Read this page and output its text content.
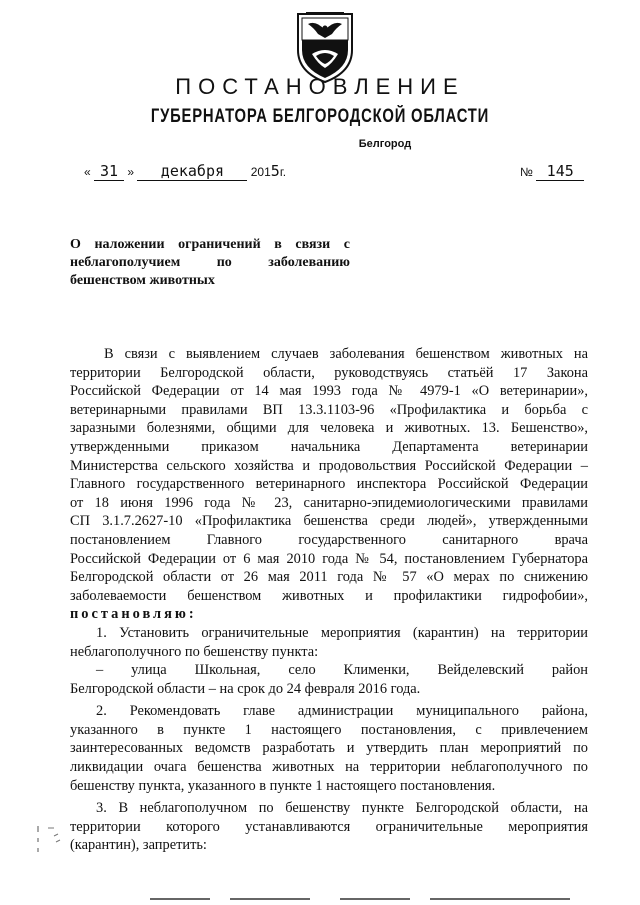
ПОСТАНОВЛЕНИЕ
ГУБЕРНАТОРА БЕЛГОРОДСКОЙ ОБЛАСТИ
Белгород
« 31 » декабря 2015г.	№ 145
О наложении ограничений в связи с
неблагополучием по заболеванию
бешенством животных
В связи с выявлением случаев заболевания бешенством животных на
территории Белгородской области, руководствуясь статьёй 17 Закона
Российской Федерации от 14 мая 1993 года № 4979-1 «О ветеринарии»,
ветеринарными правилами ВП 13.3.1103-96 «Профилактика и борьба с
заразными болезнями, общими для человека и животных. 13. Бешенство»,
утвержденными приказом начальника Департамента ветеринарии
Министерства сельского хозяйства и продовольствия Российской Федерации –
Главного государственного ветеринарного инспектора Российской Федерации
от 18 июня 1996 года № 23, санитарно-эпидемиологическими правилами
СП 3.1.7.2627-10 «Профилактика бешенства среди людей», утвержденными
постановлением Главного государственного санитарного врача
Российской Федерации от 6 мая 2010 года № 54, постановлением Губернатора
Белгородской области от 26 мая 2011 года № 57 «О мерах по снижению
заболеваемости бешенством животных и профилактики гидрофобии»,
постановляю:
1. Установить ограничительные мероприятия (карантин) на территории
неблагополучного по бешенству пункта:
– улица Школьная, село Клименки, Вейделевский район
Белгородской области – на срок до 24 февраля 2016 года.
2. Рекомендовать главе администрации муниципального района,
указанного в пункте 1 настоящего постановления, с привлечением
заинтересованных ведомств разработать и утвердить план мероприятий по
ликвидации очага бешенства животных на территории неблагополучного по
бешенству пункта, указанного в пункте 1 настоящего постановления.
3. В неблагополучном по бешенству пункте Белгородской области, на
территории которого устанавливаются ограничительные мероприятия
(карантин), запретить:
